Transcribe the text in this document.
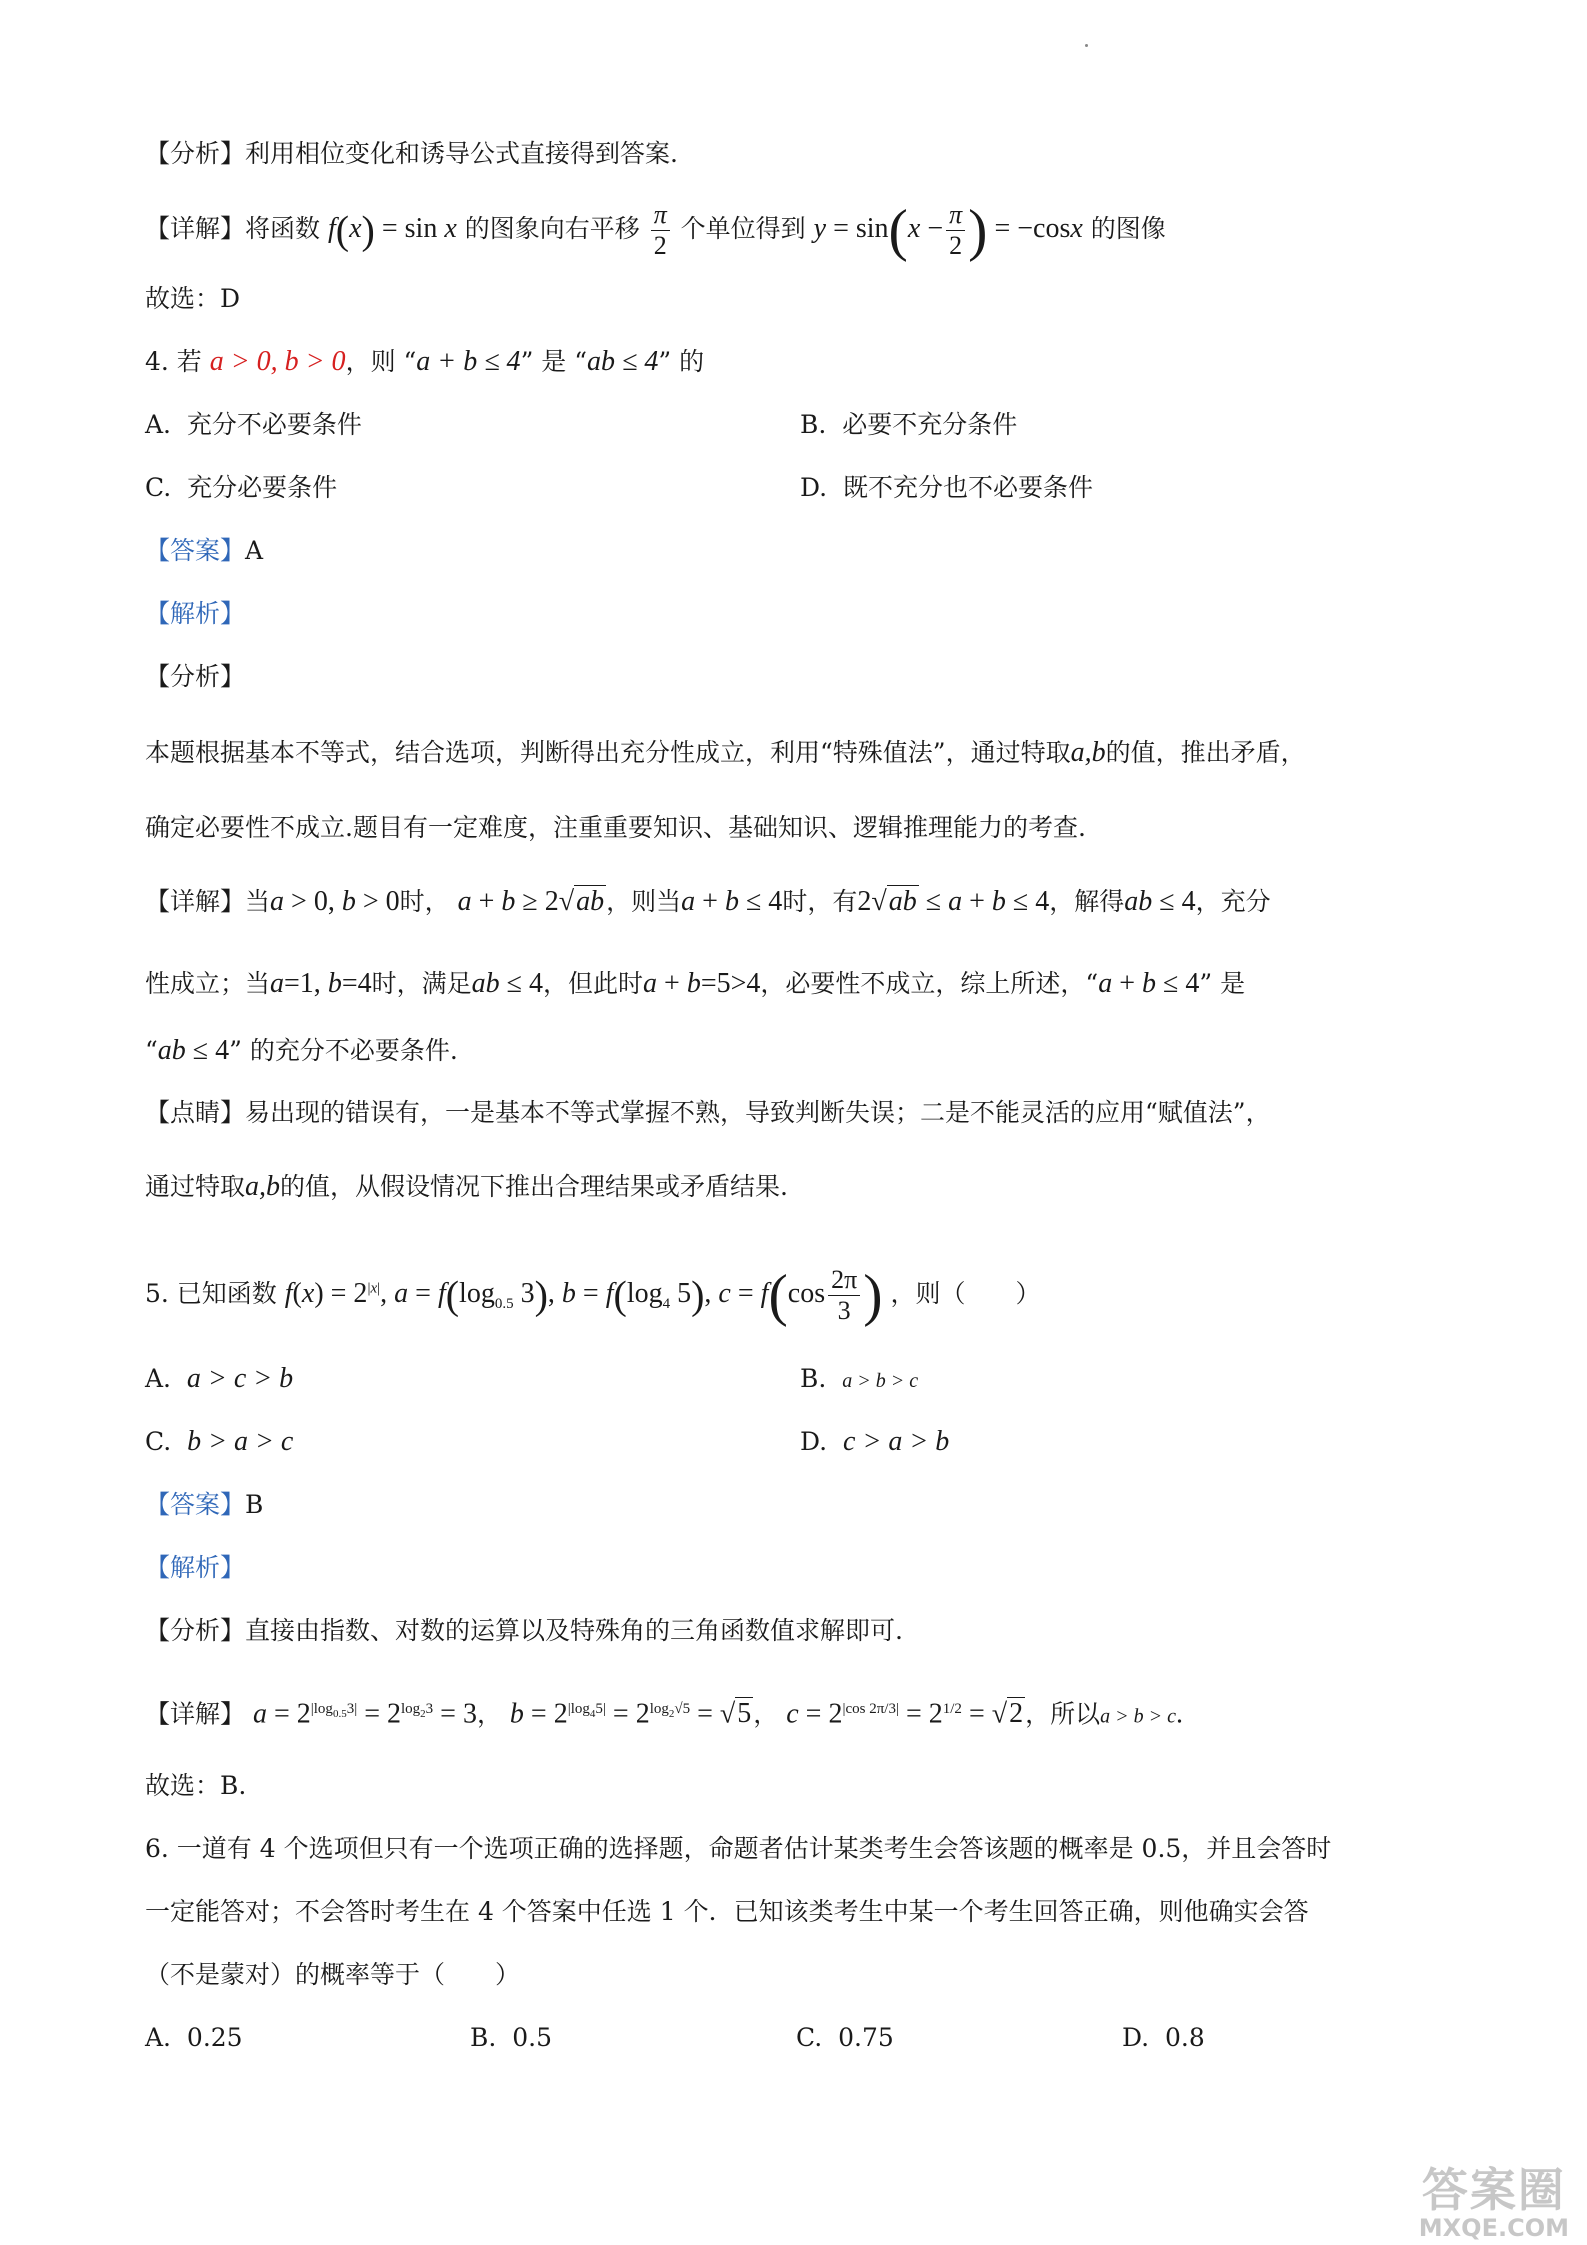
【分析】利用相位变化和诱导公式直接得到答案.
【详解】将函数 f(x) = sin x 的图象向右平移 $\frac{\pi}{2}$ 个单位得到 $y = \sin(x - \frac{\pi}{2}$ ) = −cosx 的图像
故选：D
4. 若 a > 0, b > 0，则 “a + b ≤ 4” 是 “ab ≤ 4” 的
A. 充分不必要条件	B. 必要不充分条件
C. 充分必要条件	D. 既不充分也不必要条件
【答案】A
【解析】
【分析】
本题根据基本不等式，结合选项，判断得出充分性成立，利用“特殊值法”，通过特取a,b的值，推出矛盾，
确定必要性不成立.题目有一定难度，注重重要知识、基础知识、逻辑推理能力的考查.
【详解】当a > 0, b > 0时， a + b ≥ 2√ab，则当a + b ≤ 4时，有2√ab ≤ a + b ≤ 4，解得ab ≤ 4，充分
性成立；当a=1, b=4时，满足ab ≤ 4，但此时a + b=5>4，必要性不成立，综上所述，“a + b ≤ 4” 是
“ab ≤ 4” 的充分不必要条件.
【点睛】易出现的错误有，一是基本不等式掌握不熟，导致判断失误；二是不能灵活的应用“赋值法”，
通过特取a,b的值，从假设情况下推出合理结果或矛盾结果.
5. 已知函数 $f(x) = 2^{|x|}$, $a = f(\log_{0.5}$ 3), $b = f(\log_4$ 5), $c = f(\cos \frac{2\pi}{3}$ ) ，则（　　）
A. a > c > b	B. a > b > c
C. b > a > c	D. c > a > b
【答案】B
【解析】
【分析】直接由指数、对数的运算以及特殊角的三角函数值求解即可.
【详解】 $a = 2^{|log_{0.5}3|} = 2^{log_23} = 3$， $b = 2^{|log_45|} = 2^{log_2√5} = √5$， $c = 2^{|cos 2\pi/3|} = 2^{1/2} = √2$，所以a > b > c.
故选：B.
6. 一道有 4 个选项但只有一个选项正确的选择题，命题者估计某类考生会答该题的概率是 0.5，并且会答时
一定能答对；不会答时考生在 4 个答案中任选 1 个．已知该类考生中某一个考生回答正确，则他确实会答
（不是蒙对）的概率等于（　　）
A. 0.25	B. 0.5	C. 0.75	D. 0.8
答案圈
MXQE.COM
